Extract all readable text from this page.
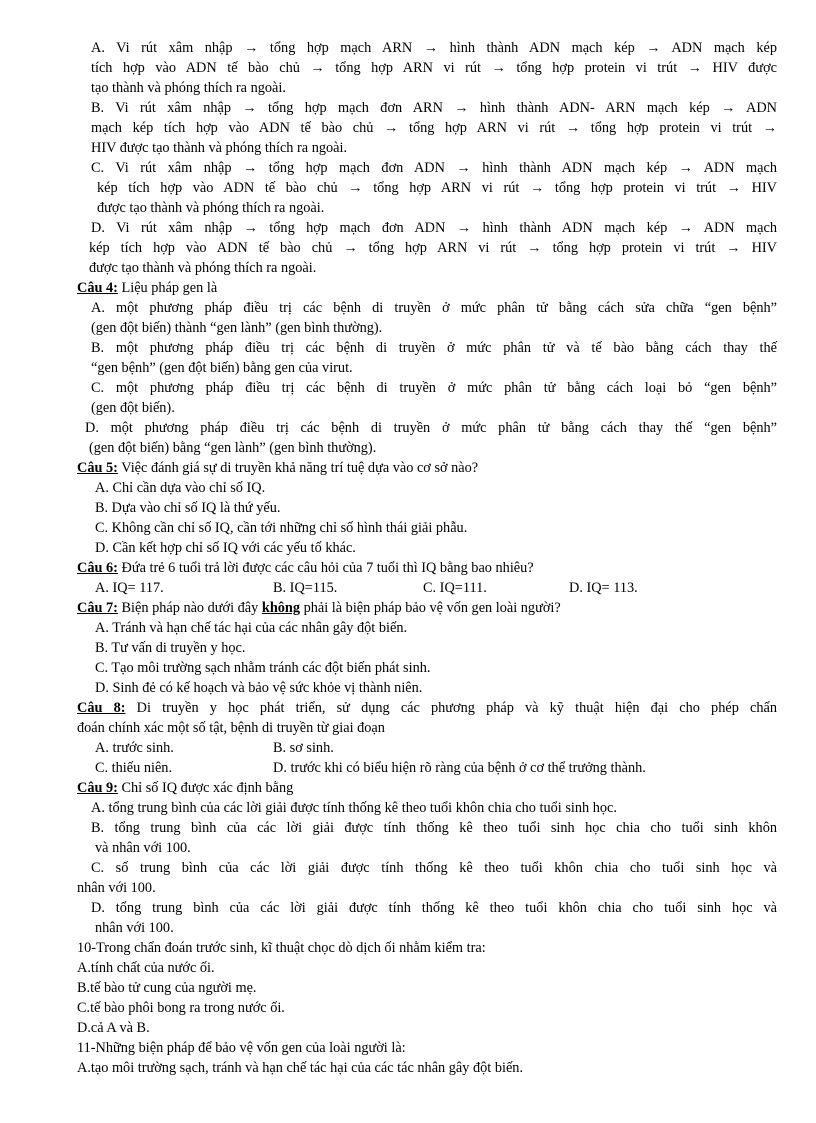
A. Vi rút xâm nhập → tổng hợp mạch ARN → hình thành ADN mạch kép → ADN mạch kép
tích hợp vào ADN tế bào chủ → tổng hợp ARN vi rút → tổng hợp protein vi trút → HIV được
tạo thành và phóng thích ra ngoài.
B. Vi rút xâm nhập → tổng hợp mạch đơn ARN → hình thành ADN- ARN mạch kép → ADN
mạch kép tích hợp vào ADN tế bào chủ → tổng hợp ARN vi rút → tổng hợp protein vi trút →
HIV được tạo thành và phóng thích ra ngoài.
C. Vi rút xâm nhập → tổng hợp mạch đơn ADN → hình thành ADN mạch kép → ADN mạch
kép tích hợp vào ADN tế bào chủ → tổng hợp ARN vi rút → tổng hợp protein vi trút → HIV
được tạo thành và phóng thích ra ngoài.
D. Vi rút xâm nhập → tổng hợp mạch đơn ADN → hình thành ADN mạch kép → ADN mạch
kép tích hợp vào ADN tế bào chủ → tổng hợp ARN vi rút → tổng hợp protein vi trút → HIV
được tạo thành và phóng thích ra ngoài.
Câu 4: Liệu pháp gen là
A. một phương pháp điều trị các bệnh di truyền ở mức phân tử bằng cách sửa chữa “gen bệnh”
(gen đột biến) thành “gen lành” (gen bình thường).
B. một phương pháp điều trị các bệnh di truyền ở mức phân tử và tế bào bằng cách thay thế
“gen bệnh” (gen đột biến) bằng gen của virut.
C. một phương pháp điều trị các bệnh di truyền ở mức phân tử bằng cách loại bỏ “gen bệnh”
(gen đột biến).
D. một phương pháp điều trị các bệnh di truyền ở mức phân tử bằng cách thay thế “gen bệnh”
(gen đột biến) bằng “gen lành” (gen bình thường).
Câu 5: Việc đánh giá sự di truyền khả năng trí tuệ dựa vào cơ sở nào?
A. Chỉ cần dựa vào chỉ số IQ.
B. Dựa vào chỉ số IQ là thứ yếu.
C. Không cần chỉ số IQ, cần tới những chỉ số hình thái giải phẫu.
D. Cần kết hợp chỉ số IQ với các yếu tố khác.
Câu 6: Đứa trẻ 6 tuổi trả lời được các câu hỏi của 7 tuổi thì IQ bằng bao nhiêu?
A. IQ= 117.	B. IQ=115.	C. IQ=111.	D. IQ= 113.
Câu 7: Biện pháp nào dưới đây không phải là biện pháp bảo vệ vốn gen loài người?
A. Tránh và hạn chế tác hại của các nhân gây đột biến.
B. Tư vấn di truyền y học.
C. Tạo môi trường sạch nhằm tránh các đột biến phát sinh.
D. Sinh đẻ có kế hoạch và bảo vệ sức khỏe vị thành niên.
Câu 8: Di truyền y học phát triển, sử dụng các phương pháp và kỹ thuật hiện đại cho phép chẩn
đoán chính xác một số tật, bệnh di truyền từ giai đoạn
A. trước sinh.	B. sơ sinh.
C. thiếu niên.	D. trước khi có biểu hiện rõ ràng của bệnh ở cơ thể trưởng thành.
Câu 9: Chỉ số IQ được xác định bằng
A. tổng trung bình của các lời giải được tính thống kê theo tuổi khôn chia cho tuổi sinh học.
B. tổng trung bình của các lời giải được tính thống kê theo tuổi sinh học chia cho tuổi sinh khôn
và nhân với 100.
C. số trung bình của các lời giải được tính thống kê theo tuổi khôn chia cho tuổi sinh học và
nhân với 100.
D. tổng trung bình của các lời giải được tính thống kê theo tuổi khôn chia cho tuổi sinh học và
nhân với 100.
10-Trong chẩn đoán trước sinh, kĩ thuật chọc dò dịch ối nhằm kiểm tra:
A.tính chất của nước ối.
B.tế bào tử cung của người mẹ.
C.tế bào phôi bong ra trong nước ối.
D.cả A và B.
11-Những biện pháp để bảo vệ vốn gen của loài người là:
A.tạo môi trường sạch, tránh và hạn chế tác hại của các tác nhân gây đột biến.
